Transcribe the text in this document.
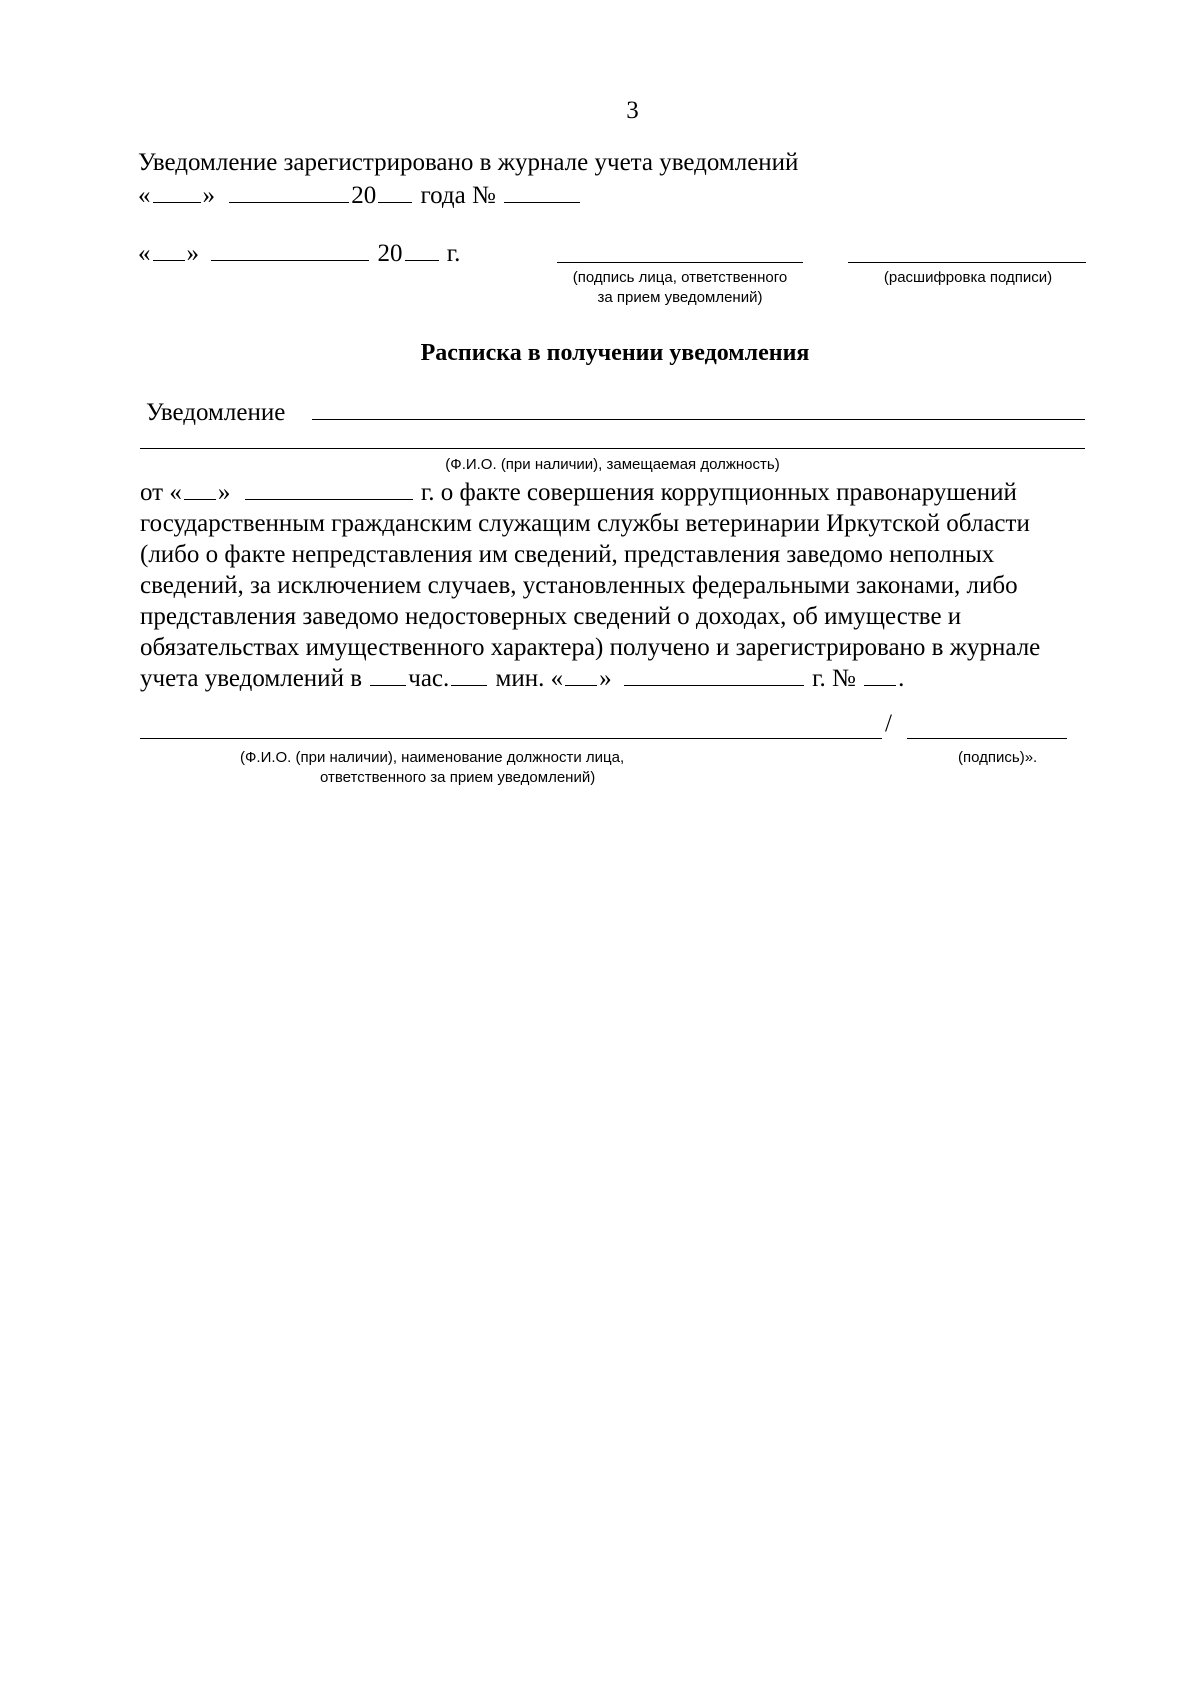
3
Уведомление зарегистрировано в журнале учета уведомлений
« »	20 года №
« »	20 г.
(подпись лица, ответственного
за прием уведомлений)
(расшифровка подписи)
Расписка в получении уведомления
Уведомление
(Ф.И.О. (при наличии), замещаемая должность)
от « »	г. о факте совершения коррупционных правонарушений
государственным гражданским служащим службы ветеринарии Иркутской области
(либо о факте непредставления им сведений, представления заведомо неполных
сведений, за исключением случаев, установленных федеральными законами, либо
представления заведомо недостоверных сведений о доходах, об имуществе и
обязательствах имущественного характера) получено и зарегистрировано в журнале
учета уведомлений в час. мин. « »	г. № .
/
(Ф.И.О. (при наличии), наименование должности лица,
ответственного за прием уведомлений)
(подпись)».
